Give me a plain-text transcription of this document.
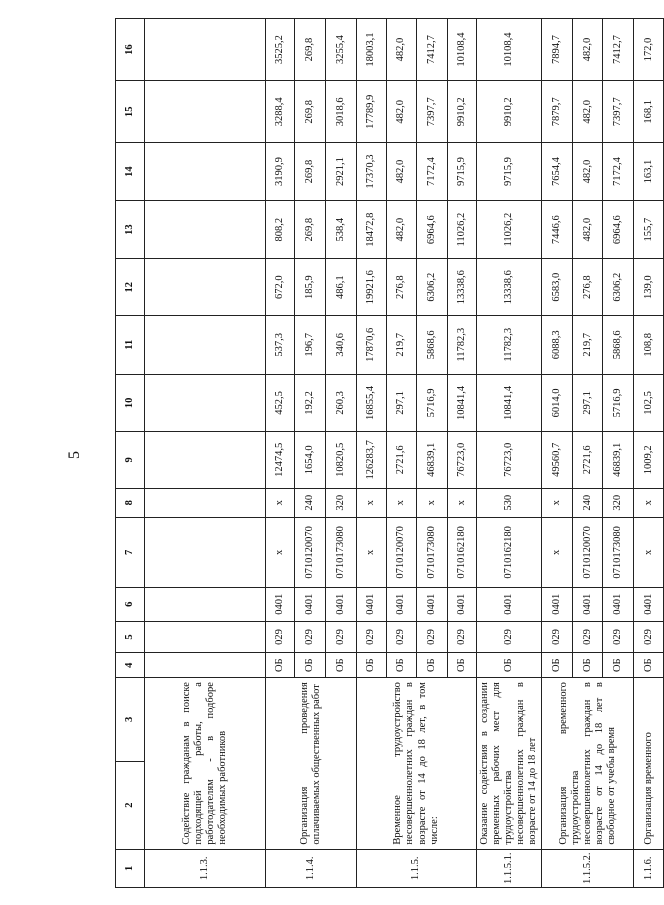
5
1	2	3	4	5	6	7	8	9	10	11	12	13	14	15	16
1.1.3.	Содействие гражданам в поиске подходящей работы, а работодателям - в подборе необходимых работников														
1.1.4.	Организация проведения оплачиваемых общественных работ		ОБ	029	0401	x	x	12474,5	452,5	537,3	672,0	808,2	3190,9	3288,4	3525,2
			ОБ	029	0401	0710120070	240	1654,0	192,2	196,7	185,9	269,8	269,8	269,8	269,8
			ОБ	029	0401	0710173080	320	10820,5	260,3	340,6	486,1	538,4	2921,1	3018,6	3255,4
1.1.5.	Временное трудоустройство несовершеннолетних граждан в возрасте от 14 до 18 лет, в том числе:		ОБ	029	0401	x	x	126283,7	16855,4	17870,6	19921,6	18472,8	17370,3	17789,9	18003,1
			ОБ	029	0401	0710120070	x	2721,6	297,1	219,7	276,8	482,0	482,0	482,0	482,0
			ОБ	029	0401	0710173080	x	46839,1	5716,9	5868,6	6306,2	6964,6	7172,4	7397,7	7412,7
			ОБ	029	0401	0710162180	x	76723,0	10841,4	11782,3	13338,6	11026,2	9715,9	9910,2	10108,4
1.1.5.1.	Оказание содействия в создании временных рабочих мест для трудоустройства несовершеннолетних граждан в возрасте от 14 до 18 лет		ОБ	029	0401	0710162180	530	76723,0	10841,4	11782,3	13338,6	11026,2	9715,9	9910,2	10108,4
1.1.5.2.	Организация временного трудоустройства несовершеннолетних граждан в возрасте от 14 до 18 лет в свободное от учебы время		ОБ	029	0401	x	x	49560,7	6014,0	6088,3	6583,0	7446,6	7654,4	7879,7	7894,7
			ОБ	029	0401	0710120070	240	2721,6	297,1	219,7	276,8	482,0	482,0	482,0	482,0
			ОБ	029	0401	0710173080	320	46839,1	5716,9	5868,6	6306,2	6964,6	7172,4	7397,7	7412,7
1.1.6.	Организация временного		ОБ	029	0401	x	x	1009,2	102,5	108,8	139,0	155,7	163,1	168,1	172,0
